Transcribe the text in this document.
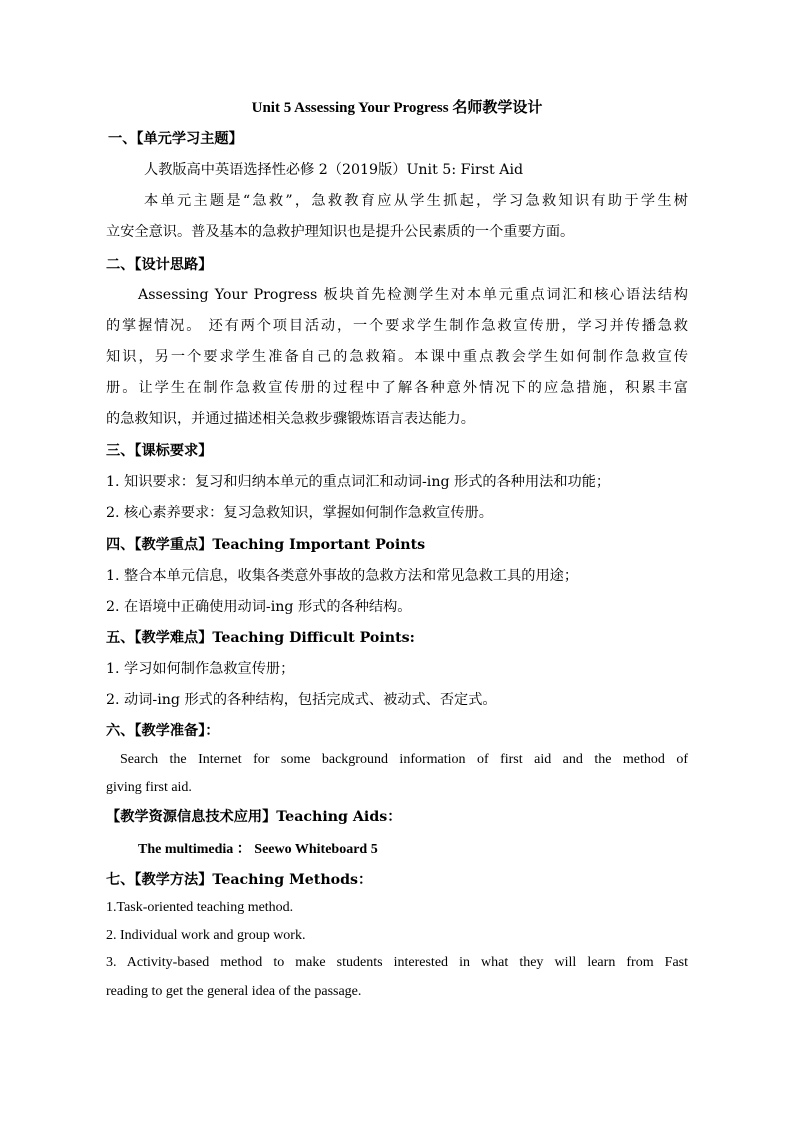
Unit 5 Assessing Your Progress 名师教学设计
一、【单元学习主题】
人教版高中英语选择性必修 2（2019版）Unit 5: First Aid
本单元主题是“急救”，急救教育应从学生抓起，学习急救知识有助于学生树
立安全意识。普及基本的急救护理知识也是提升公民素质的一个重要方面。
二、【设计思路】
Assessing Your Progress 板块首先检测学生对本单元重点词汇和核心语法结构
的掌握情况。 还有两个项目活动，一个要求学生制作急救宣传册，学习并传播急救
知识，另一个要求学生准备自己的急救箱。本课中重点教会学生如何制作急救宣传
册。让学生在制作急救宣传册的过程中了解各种意外情况下的应急措施，积累丰富
的急救知识，并通过描述相关急救步骤锻炼语言表达能力。
三、【课标要求】
1. 知识要求：复习和归纳本单元的重点词汇和动词-ing 形式的各种用法和功能；
2. 核心素养要求：复习急救知识，掌握如何制作急救宣传册。
四、【教学重点】Teaching Important Points
1. 整合本单元信息，收集各类意外事故的急救方法和常见急救工具的用途；
2. 在语境中正确使用动词-ing 形式的各种结构。
五、【教学难点】Teaching Difficult Points:
1. 学习如何制作急救宣传册；
2. 动词-ing 形式的各种结构，包括完成式、被动式、否定式。
六、【教学准备】：
Search the Internet for some background information of first aid and the method of
giving first aid.
【教学资源信息技术应用】Teaching Aids：
The multimedia ： Seewo Whiteboard 5
七、【教学方法】Teaching Methods：
1.Task-oriented teaching method.
2. Individual work and group work.
3. Activity-based method to make students interested in what they will learn from Fast
reading to get the general idea of the passage.
